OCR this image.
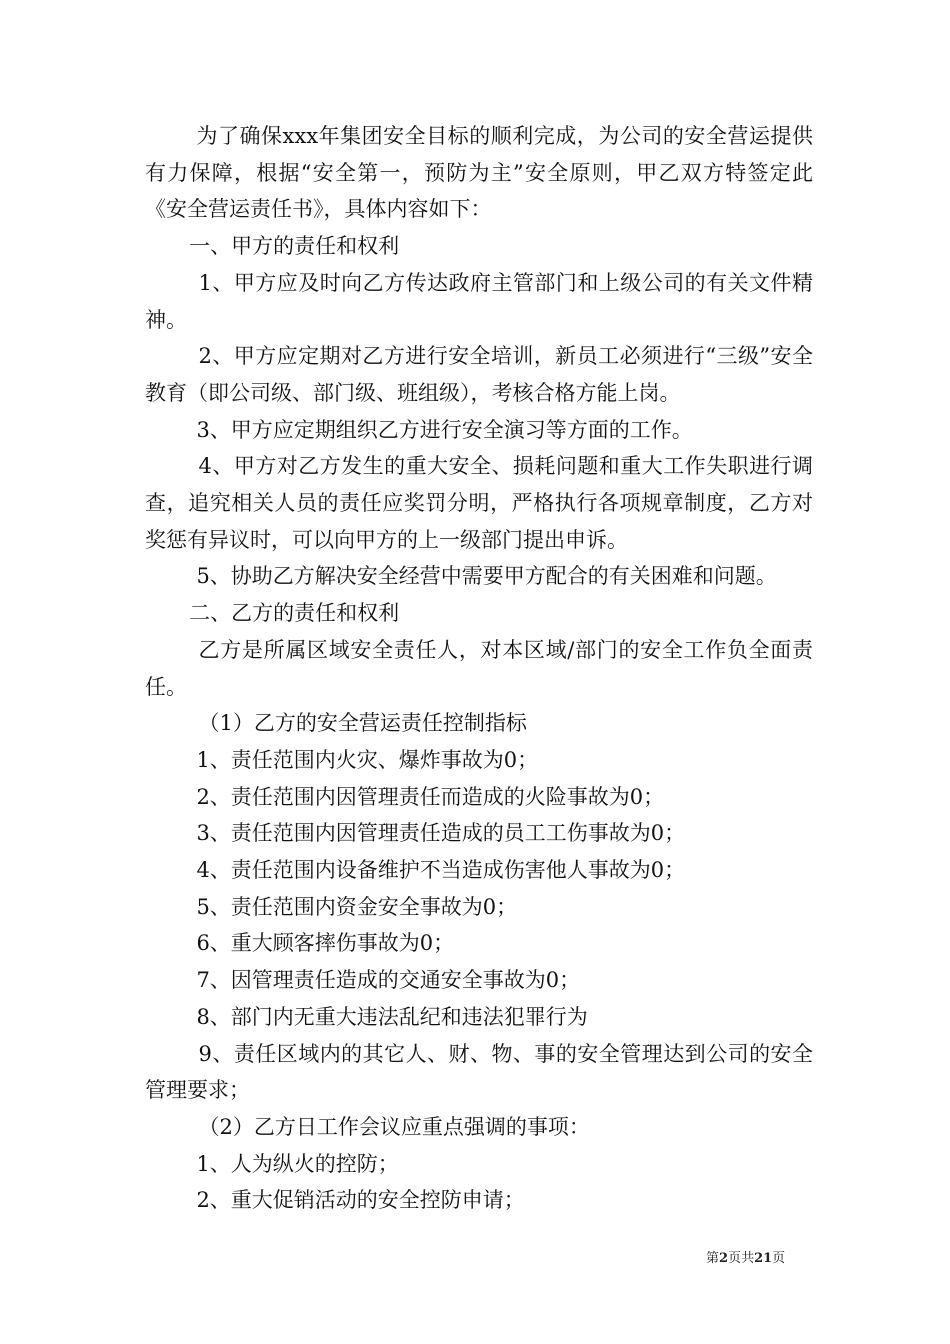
为了确保xxx年集团安全目标的顺利完成，为公司的安全营运提供有力保障，根据“安全第一，预防为主”安全原则，甲乙双方特签定此《安全营运责任书》，具体内容如下：

一、甲方的责任和权利

1、甲方应及时向乙方传达政府主管部门和上级公司的有关文件精神。

2、甲方应定期对乙方进行安全培训，新员工必须进行“三级”安全教育（即公司级、部门级、班组级），考核合格方能上岗。

3、甲方应定期组织乙方进行安全演习等方面的工作。

4、甲方对乙方发生的重大安全、损耗问题和重大工作失职进行调查，追究相关人员的责任应奖罚分明，严格执行各项规章制度，乙方对奖惩有异议时，可以向甲方的上一级部门提出申诉。

5、协助乙方解决安全经营中需要甲方配合的有关困难和问题。

二、乙方的责任和权利

乙方是所属区域安全责任人，对本区域/部门的安全工作负全面责任。

（1）乙方的安全营运责任控制指标

1、责任范围内火灾、爆炸事故为0；

2、责任范围内因管理责任而造成的火险事故为0；

3、责任范围内因管理责任造成的员工工伤事故为0；

4、责任范围内设备维护不当造成伤害他人事故为0；

5、责任范围内资金安全事故为0；

6、重大顾客摔伤事故为0；

7、因管理责任造成的交通安全事故为0；

8、部门内无重大违法乱纪和违法犯罪行为

9、责任区域内的其它人、财、物、事的安全管理达到公司的安全管理要求；

（2）乙方日工作会议应重点强调的事项：

1、人为纵火的控防；

2、重大促销活动的安全控防申请；

第2页共21页
